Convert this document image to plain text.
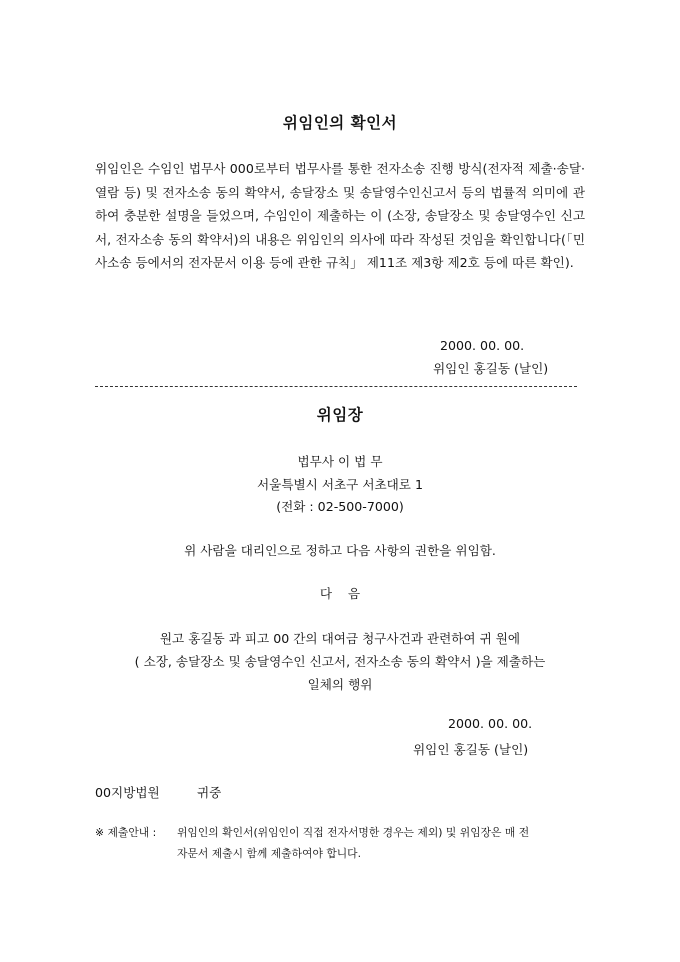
위임인의 확인서
위임인은 수임인 법무사 000로부터 법무사를 통한 전자소송 진행 방식(전자적 제출·송달·열람 등) 및 전자소송 동의 확약서, 송달장소 및 송달영수인신고서 등의 법률적 의미에 관하여 충분한 설명을 들었으며, 수임인이 제출하는 이 (소장, 송달장소 및 송달영수인 신고서, 전자소송 동의 확약서)의 내용은 위임인의 의사에 따라 작성된 것임을 확인합니다(「민사소송 등에서의 전자문서 이용 등에 관한 규칙」 제11조 제3항 제2호 등에 따른 확인).
2000. 00. 00.
위임인 홍길동 (날인)
위임장
법무사 이 법 무
서울특별시 서초구 서초대로 1
(전화 : 02-500-7000)
위 사람을 대리인으로 정하고 다음 사항의 권한을 위임함.
다    음
원고 홍길동 과 피고 00 간의 대여금 청구사건과 관련하여 귀 원에
( 소장, 송달장소 및 송달영수인 신고서, 전자소송 동의 확약서 )을 제출하는
일체의 행위
2000. 00. 00.
위임인 홍길동 (날인)
00지방법원	귀중
※ 제출안내 : 위임인의 확인서(위임인이 직접 전자서명한 경우는 제외) 및 위임장은 매 전
자문서 제출시 함께 제출하여야 합니다.
